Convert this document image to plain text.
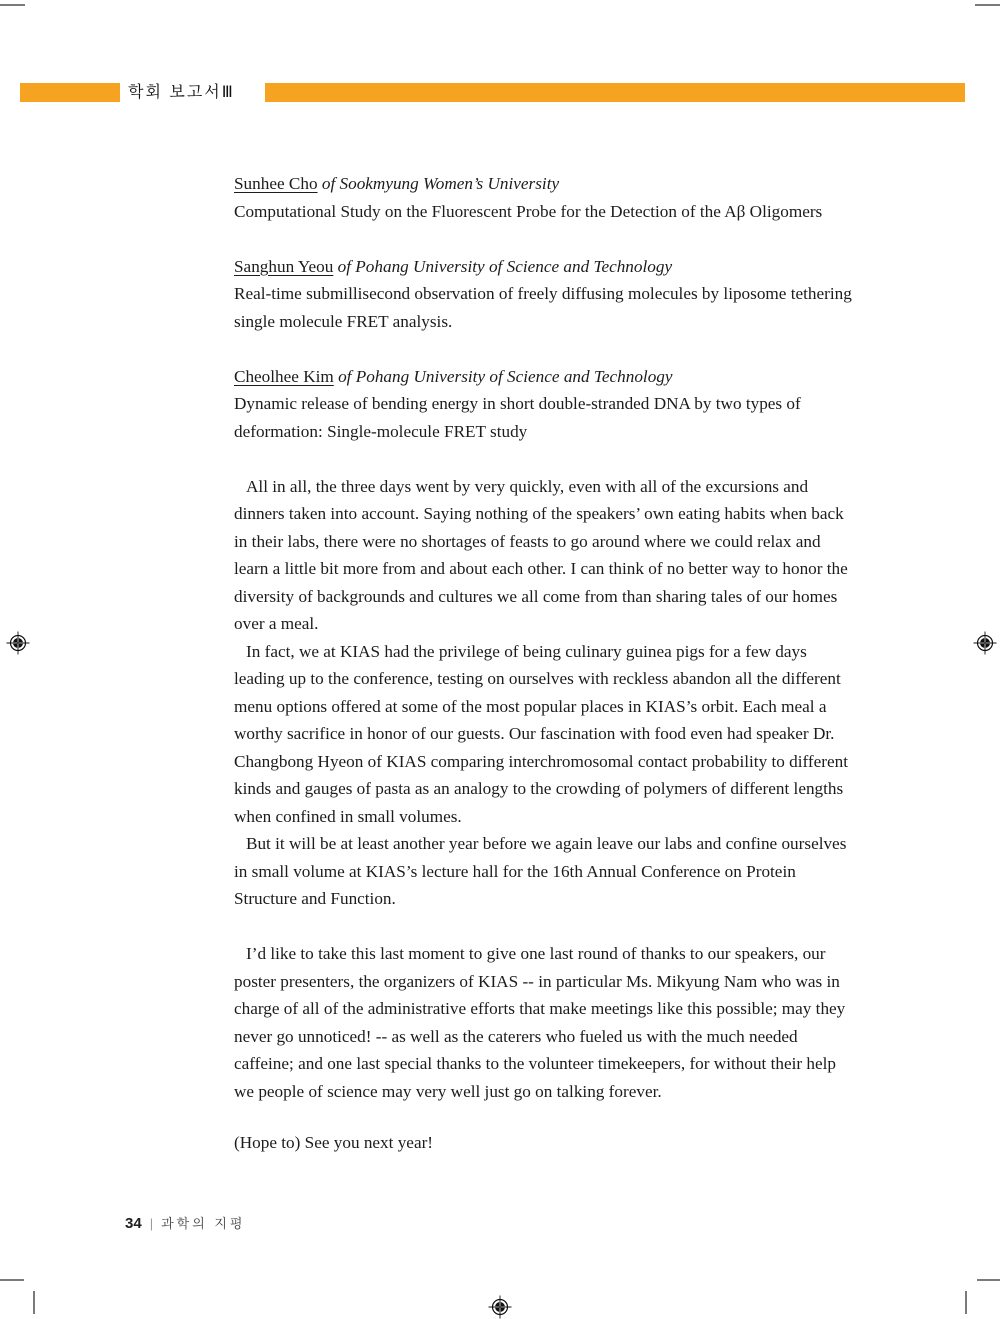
학회 보고서Ⅲ

Sunhee Cho of Sookmyung Women’s University

Computational Study on the Fluorescent Probe for the Detection of the Aβ Oligomers

Sanghun Yeou of Pohang University of Science and Technology

Real-time submillisecond observation of freely diffusing molecules by liposome tethering single molecule FRET analysis.

Cheolhee Kim of Pohang University of Science and Technology

Dynamic release of bending energy in short double-stranded DNA by two types of deformation: Single-molecule FRET study

All in all, the three days went by very quickly, even with all of the excursions and dinners taken into account. Saying nothing of the speakers’ own eating habits when back in their labs, there were no shortages of feasts to go around where we could relax and learn a little bit more from and about each other. I can think of no better way to honor the diversity of backgrounds and cultures we all come from than sharing tales of our homes over a meal.

In fact, we at KIAS had the privilege of being culinary guinea pigs for a few days leading up to the conference, testing on ourselves with reckless abandon all the different menu options offered at some of the most popular places in KIAS’s orbit. Each meal a worthy sacrifice in honor of our guests. Our fascination with food even had speaker Dr. Changbong Hyeon of KIAS comparing interchromosomal contact probability to different kinds and gauges of pasta as an analogy to the crowding of polymers of different lengths when confined in small volumes.

But it will be at least another year before we again leave our labs and confine ourselves in small volume at KIAS’s lecture hall for the 16th Annual Conference on Protein Structure and Function.

I’d like to take this last moment to give one last round of thanks to our speakers, our poster presenters, the organizers of KIAS -- in particular Ms. Mikyung Nam who was in charge of all of the administrative efforts that make meetings like this possible; may they never go unnoticed! -- as well as the caterers who fueled us with the much needed caffeine; and one last special thanks to the volunteer timekeepers, for without their help we people of science may very well just go on talking forever.

(Hope to) See you next year!

34 | 과학의 지평
